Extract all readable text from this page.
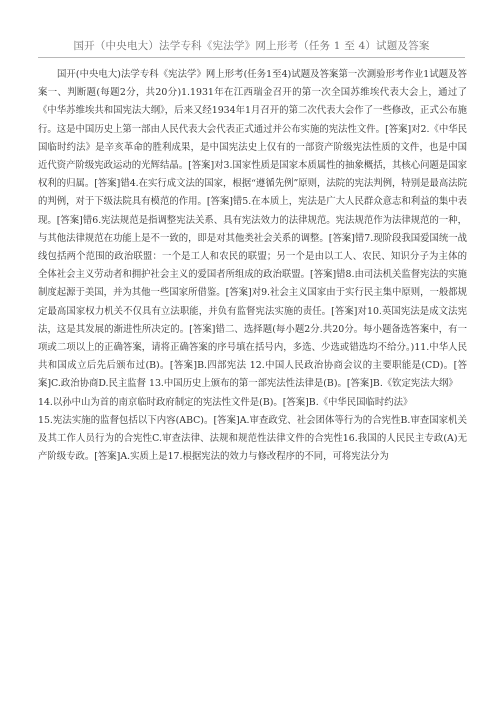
国开（中央电大）法学专科《宪法学》网上形考（任务 1 至 4）试题及答案

国开(中央电大)法学专科《宪法学》网上形考(任务1至4)试题及答案第一次測验形考作业1试题及答案一、判断题(每题2分，共20分)1.1931年在江西瑞金召开的第一次全国苏维埃代表大会上，通过了《中华苏维埃共和国宪法大纲》，后来又经1934年1月召开的第二次代表大会作了一些修改，正式公布施行。这是中国历史上第一部由人民代表大会代表正式通过并公布实施的宪法性文件。[答案]对2.《中华民国临时约法》是辛亥革命的胜利成果，是中国宪法史上仅有的一部资产阶级宪法性质的文件，也是中国近代资产阶级宪政运动的光辉结晶。[答案]对3.国家性质是国家本质属性的抽象概括，其核心问题是国家权利的归属。[答案]错4.在实行成文法的国家，根据“遵循先例”原则，法院的宪法判例，特别是最高法院的判例，对于下级法院具有模范的作用。[答案]错5.在本质上，宪法是广大人民群众意志和利益的集中表现。[答案]错6.宪法规范是指调整宪法关系、具有宪法效力的法律规范。宪法规范作为法律规范的一种，与其他法律规范在功能上是不一致的，即是对其他类社会关系的调整。[答案]错7.现阶段我国爱国统一战线包括两个范围的政治联盟：一个是工人和农民的联盟；另一个是由以工人、农民、知识分子为主体的全体社会主义劳动者和拥护社会主义的爱国者所组成的政治联盟。[答案]错8.由司法机关监督宪法的实施制度起源于美国，并为其他一些国家所借鉴。[答案]对9.社会主义国家由于实行民主集中原则，一般都规定最高国家权力机关不仅具有立法职能，并负有监督宪法实施的责任。[答案]对10.英国宪法是成文法宪法，这是其发展的渐进性所决定的。[答案]错二、选择题(每小题2分.共20分。每小题备选答案中，有一项或二项以上的正确答案，请将正确答案的序号填在括号内，多选、少选或错选均不给分。)11.中华人民共和国成立后先后颁布过(B)。[答案]B.四部宪法 12.中国人民政治协商会议的主要职能是(CD)。[答案]C.政治协商D.民主监督 13.中国历史上颁布的第一部宪法性法律是(B)。[答案]B.《钦定宪法大纲》

14.以孙中山为首的南京临时政府制定的宪法性文件是(B)。[答案]B.《中华民国临时约法》

15.宪法实施的监督包括以下内容(ABC)。[答案]A.审查政党、社会团体等行为的合宪性B.审查国家机关及其工作人员行为的合宪性C.审查法律、法规和规范性法律文件的合宪性16.我国的人民民主专政(A)无产阶级专政。[答案]A.实质上是17.根据宪法的效力与修改程序的不同，可将宪法分为
